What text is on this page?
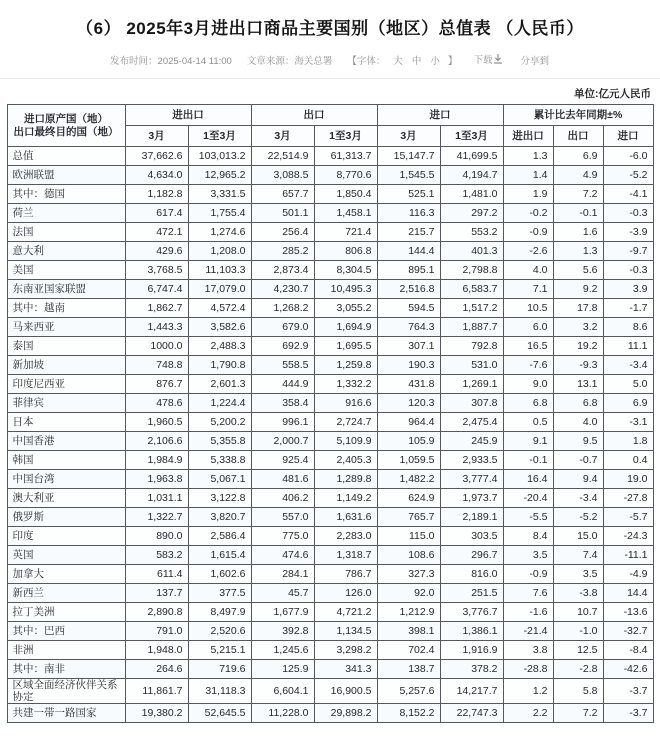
（6） 2025年3月进出口商品主要国别（地区）总值表 （人民币）
发布时间：2025-04-14 11:00 文章来源：海关总署 【字体： 大 中 小 】 下载	分享到
单位:亿元人民币
进口原产国（地）
出口最终目的国（地）	进出口		出口		进口		累计比去年同期±%		
	3月	1至3月	3月	1至3月	3月	1至3月	进出口	出口	进口
总值	37,662.6	103,013.2	22,514.9	61,313.7	15,147.7	41,699.5	1.3	6.9	-6.0
欧洲联盟	4,634.0	12,965.2	3,088.5	8,770.6	1,545.5	4,194.7	1.4	4.9	-5.2
其中：德国	1,182.8	3,331.5	657.7	1,850.4	525.1	1,481.0	1.9	7.2	-4.1
荷兰	617.4	1,755.4	501.1	1,458.1	116.3	297.2	-0.2	-0.1	-0.3
法国	472.1	1,274.6	256.4	721.4	215.7	553.2	-0.9	1.6	-3.9
意大利	429.6	1,208.0	285.2	806.8	144.4	401.3	-2.6	1.3	-9.7
美国	3,768.5	11,103.3	2,873.4	8,304.5	895.1	2,798.8	4.0	5.6	-0.3
东南亚国家联盟	6,747.4	17,079.0	4,230.7	10,495.3	2,516.8	6,583.7	7.1	9.2	3.9
其中：越南	1,862.7	4,572.4	1,268.2	3,055.2	594.5	1,517.2	10.5	17.8	-1.7
马来西亚	1,443.3	3,582.6	679.0	1,694.9	764.3	1,887.7	6.0	3.2	8.6
泰国	1000.0	2,488.3	692.9	1,695.5	307.1	792.8	16.5	19.2	11.1
新加坡	748.8	1,790.8	558.5	1,259.8	190.3	531.0	-7.6	-9.3	-3.4
印度尼西亚	876.7	2,601.3	444.9	1,332.2	431.8	1,269.1	9.0	13.1	5.0
菲律宾	478.6	1,224.4	358.4	916.6	120.3	307.8	6.8	6.8	6.9
日本	1,960.5	5,200.2	996.1	2,724.7	964.4	2,475.4	0.5	4.0	-3.1
中国香港	2,106.6	5,355.8	2,000.7	5,109.9	105.9	245.9	9.1	9.5	1.8
韩国	1,984.9	5,338.8	925.4	2,405.3	1,059.5	2,933.5	-0.1	-0.7	0.4
中国台湾	1,963.8	5,067.1	481.6	1,289.8	1,482.2	3,777.4	16.4	9.4	19.0
澳大利亚	1,031.1	3,122.8	406.2	1,149.2	624.9	1,973.7	-20.4	-3.4	-27.8
俄罗斯	1,322.7	3,820.7	557.0	1,631.6	765.7	2,189.1	-5.5	-5.2	-5.7
印度	890.0	2,586.4	775.0	2,283.0	115.0	303.5	8.4	15.0	-24.3
英国	583.2	1,615.4	474.6	1,318.7	108.6	296.7	3.5	7.4	-11.1
加拿大	611.4	1,602.6	284.1	786.7	327.3	816.0	-0.9	3.5	-4.9
新西兰	137.7	377.5	45.7	126.0	92.0	251.5	7.6	-3.8	14.4
拉丁美洲	2,890.8	8,497.9	1,677.9	4,721.2	1,212.9	3,776.7	-1.6	10.7	-13.6
其中：巴西	791.0	2,520.6	392.8	1,134.5	398.1	1,386.1	-21.4	-1.0	-32.7
非洲	1,948.0	5,215.1	1,245.6	3,298.2	702.4	1,916.9	3.8	12.5	-8.4
其中：南非	264.6	719.6	125.9	341.3	138.7	378.2	-28.8	-2.8	-42.6
区域全面经济伙伴关系协定	11,861.7	31,118.3	6,604.1	16,900.5	5,257.6	14,217.7	1.2	5.8	-3.7
共建一带一路国家	19,380.2	52,645.5	11,228.0	29,898.2	8,152.2	22,747.3	2.2	7.2	-3.7
